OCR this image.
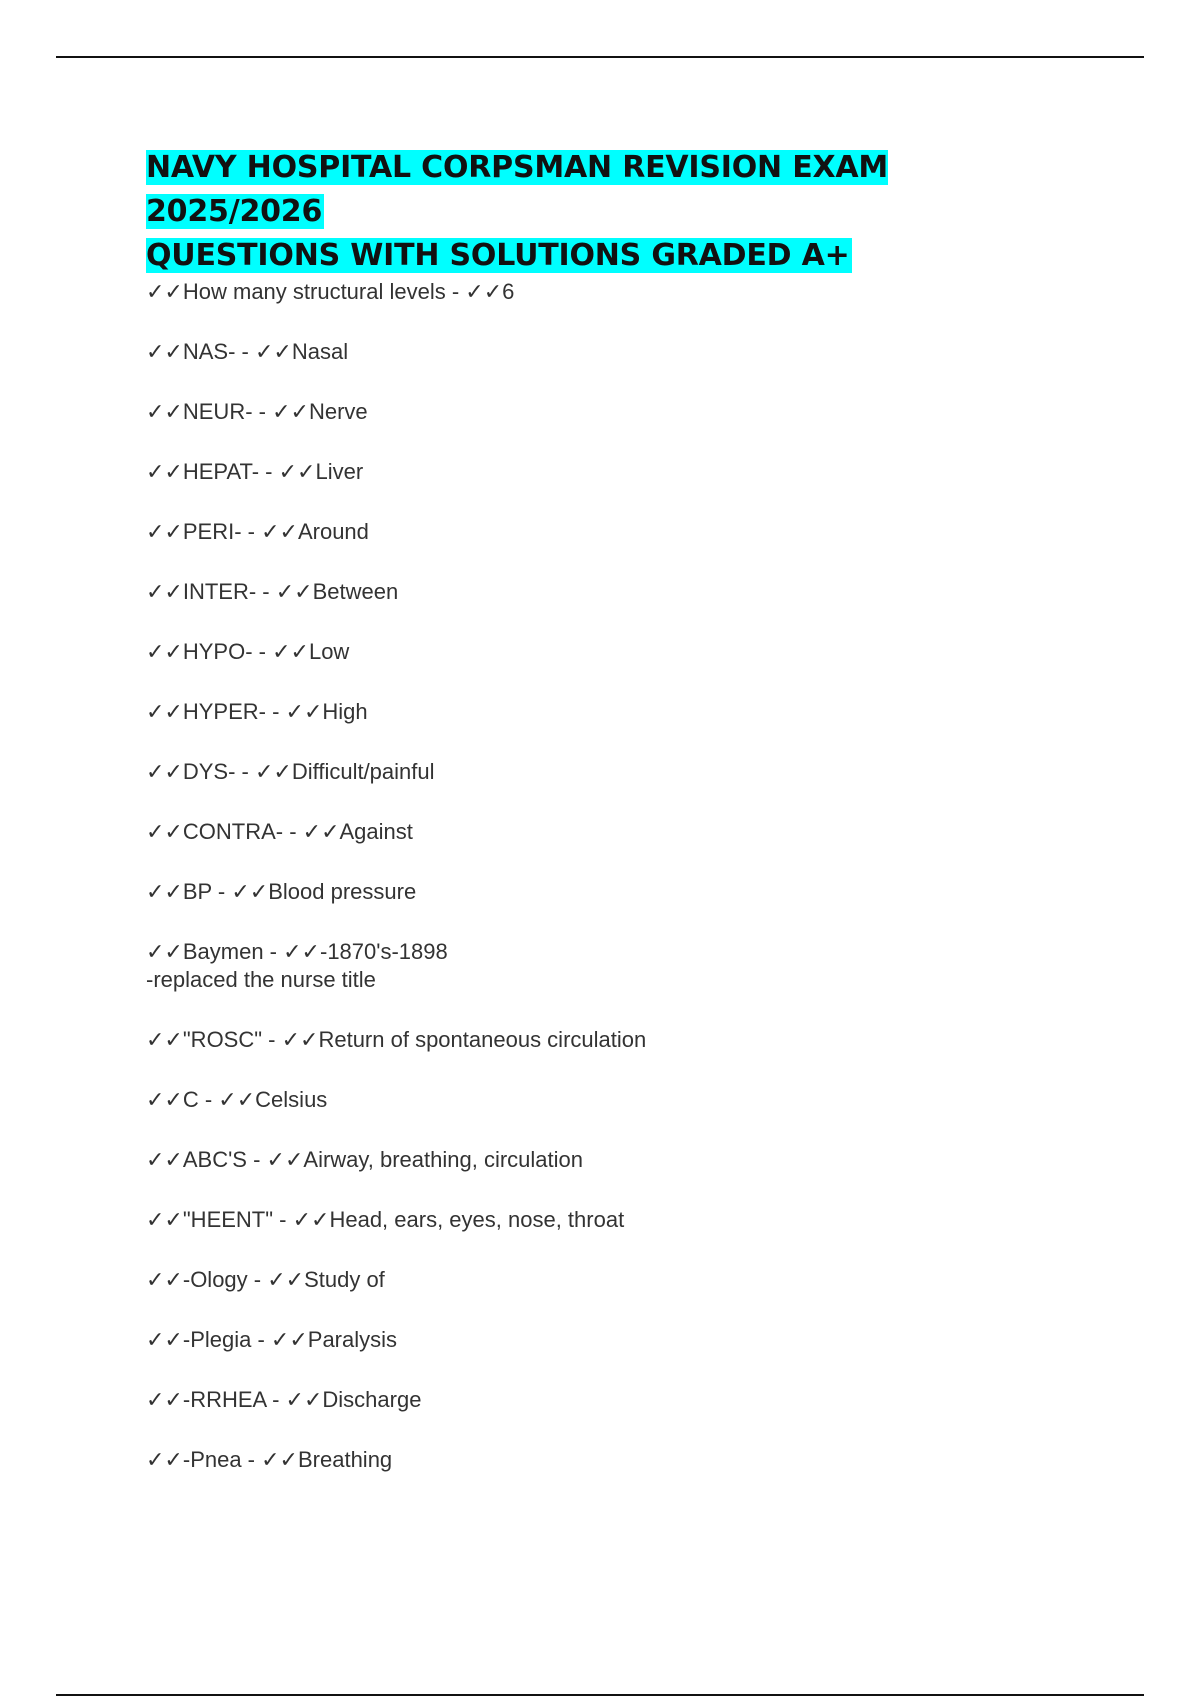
NAVY HOSPITAL CORPSMAN REVISION EXAM 2025/2026
QUESTIONS WITH SOLUTIONS GRADED A+
✓✓How many structural levels - ✓✓6
✓✓NAS- - ✓✓Nasal
✓✓NEUR- - ✓✓Nerve
✓✓HEPAT- - ✓✓Liver
✓✓PERI- - ✓✓Around
✓✓INTER- - ✓✓Between
✓✓HYPO- - ✓✓Low
✓✓HYPER- - ✓✓High
✓✓DYS- - ✓✓Difficult/painful
✓✓CONTRA- - ✓✓Against
✓✓BP - ✓✓Blood pressure
✓✓Baymen - ✓✓-1870's-1898
-replaced the nurse title
✓✓"ROSC" - ✓✓Return of spontaneous circulation
✓✓C - ✓✓Celsius
✓✓ABC'S - ✓✓Airway, breathing, circulation
✓✓"HEENT" - ✓✓Head, ears, eyes, nose, throat
✓✓-Ology - ✓✓Study of
✓✓-Plegia - ✓✓Paralysis
✓✓-RRHEA - ✓✓Discharge
✓✓-Pnea - ✓✓Breathing
